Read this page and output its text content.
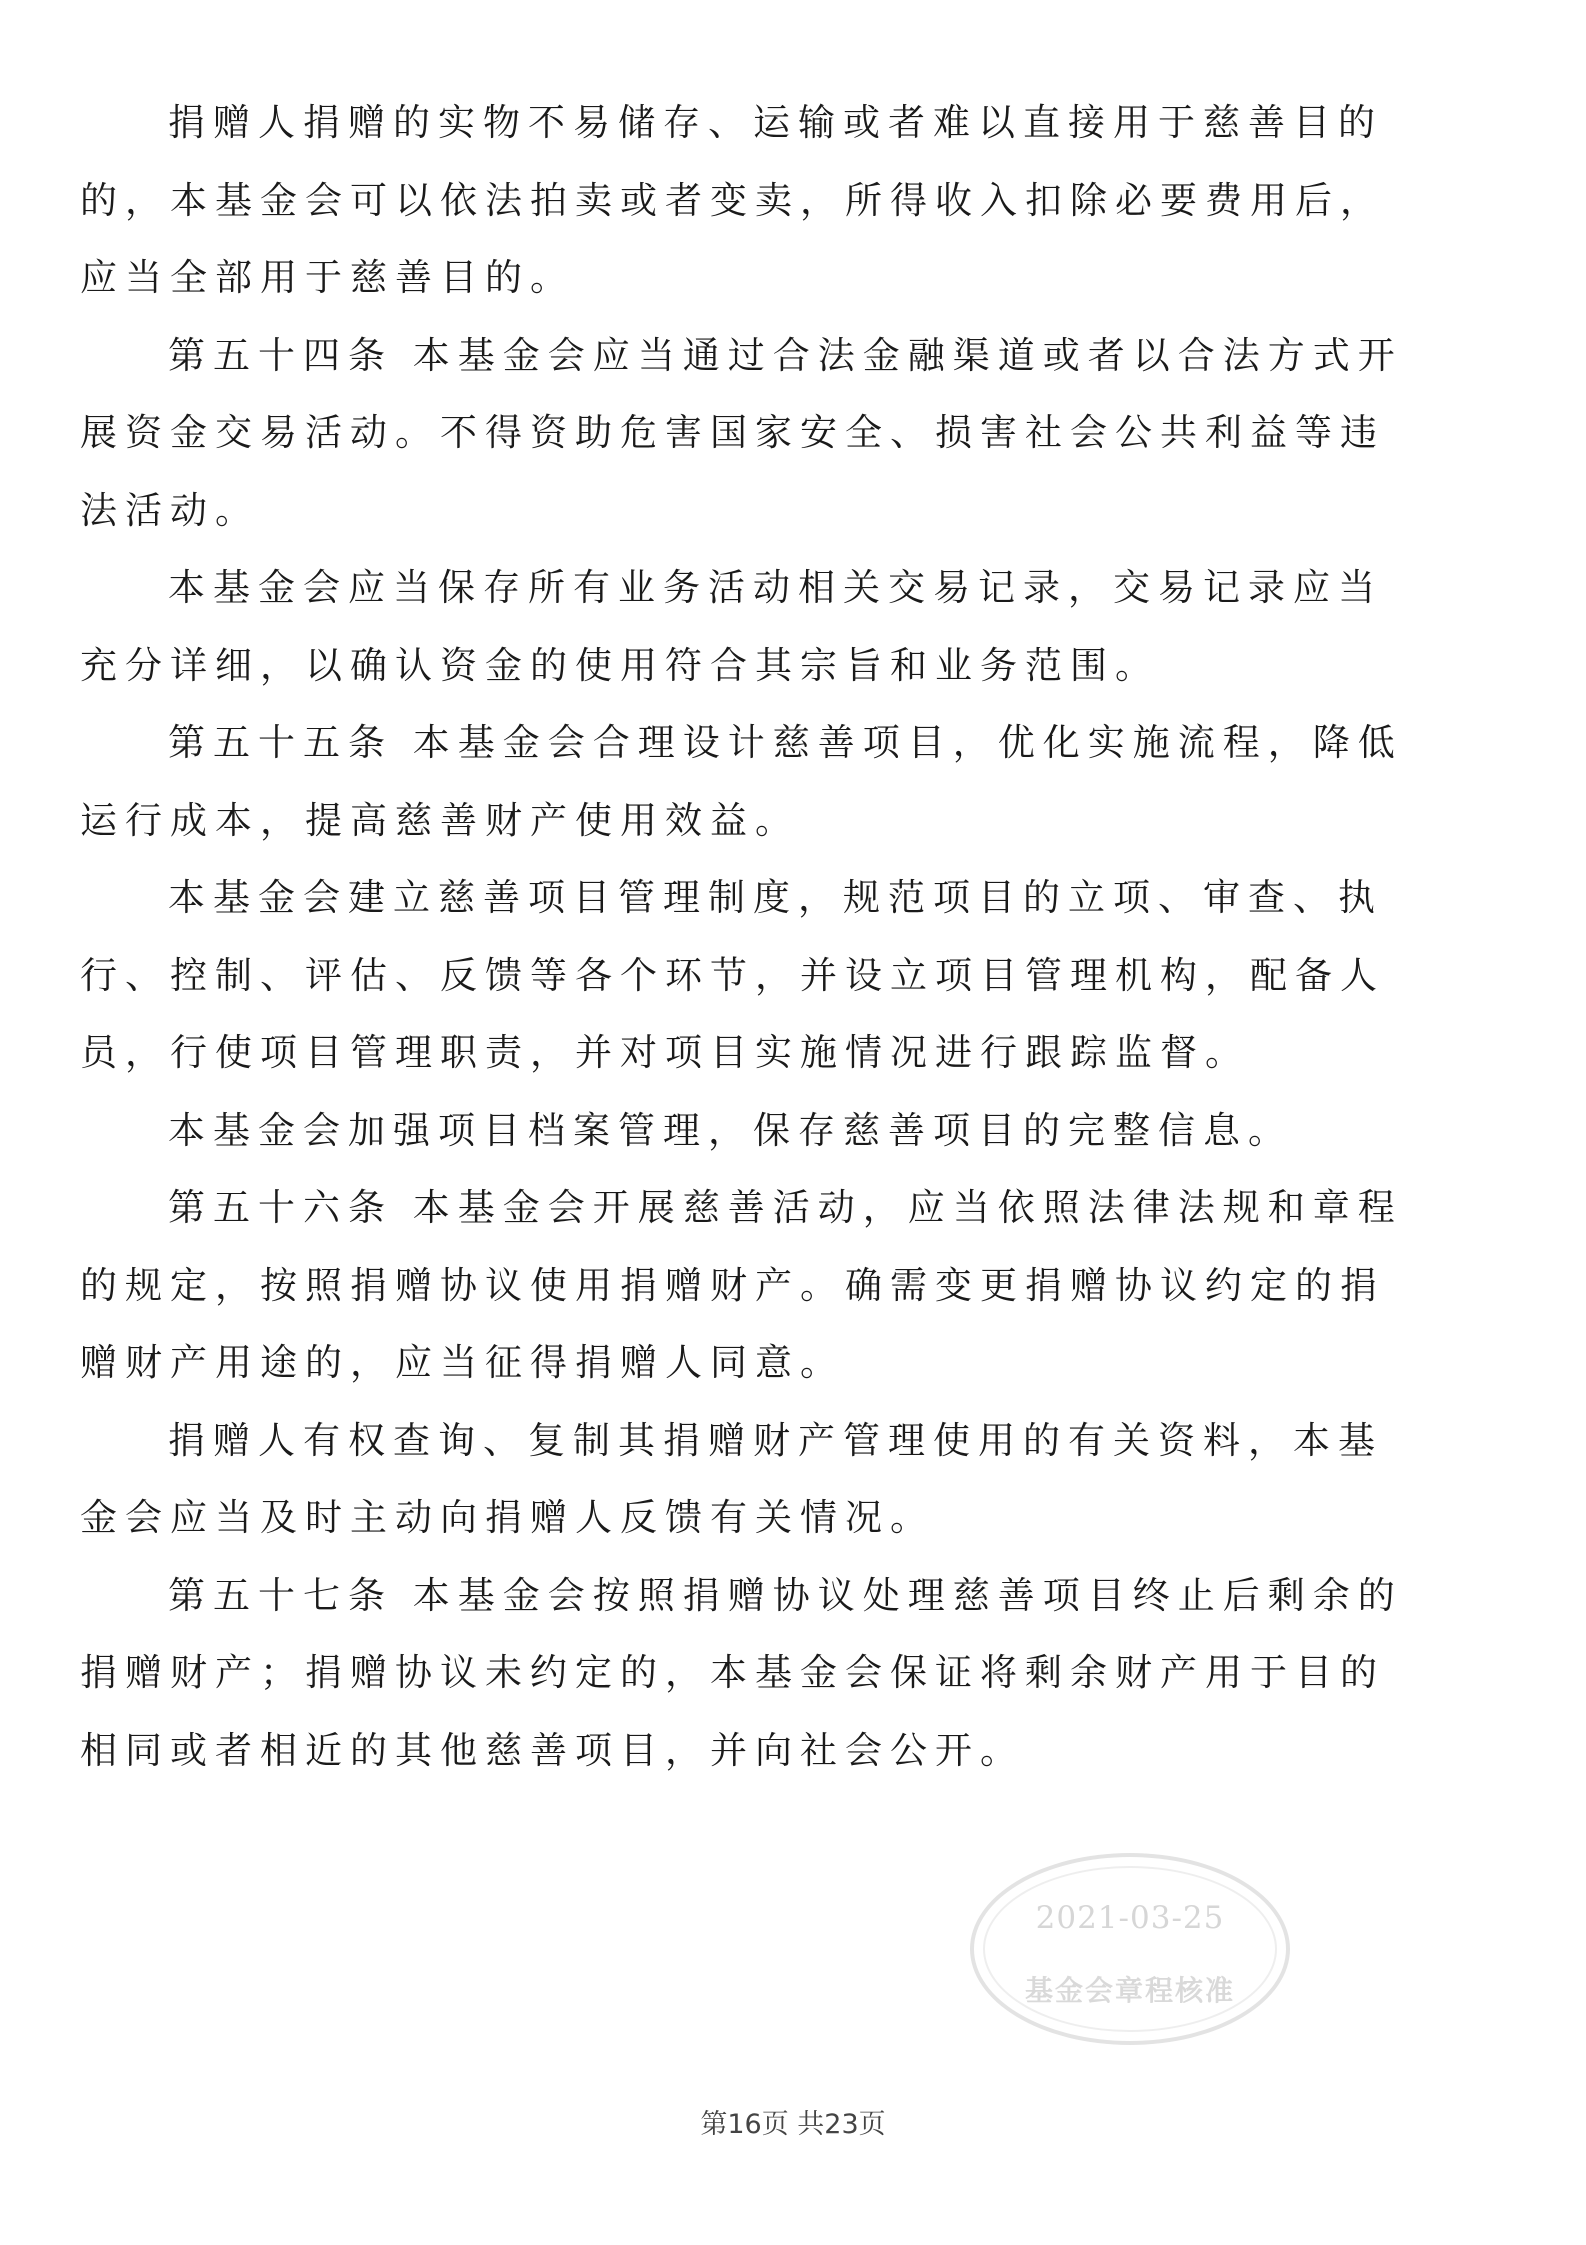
捐赠人捐赠的实物不易储存、运输或者难以直接用于慈善目的
的，本基金会可以依法拍卖或者变卖，所得收入扣除必要费用后，
应当全部用于慈善目的。

第五十四条 本基金会应当通过合法金融渠道或者以合法方式开
展资金交易活动。不得资助危害国家安全、损害社会公共利益等违
法活动。

本基金会应当保存所有业务活动相关交易记录，交易记录应当
充分详细，以确认资金的使用符合其宗旨和业务范围。

第五十五条 本基金会合理设计慈善项目，优化实施流程，降低
运行成本，提高慈善财产使用效益。

本基金会建立慈善项目管理制度，规范项目的立项、审查、执
行、控制、评估、反馈等各个环节，并设立项目管理机构，配备人
员，行使项目管理职责，并对项目实施情况进行跟踪监督。

本基金会加强项目档案管理，保存慈善项目的完整信息。

第五十六条 本基金会开展慈善活动，应当依照法律法规和章程
的规定，按照捐赠协议使用捐赠财产。确需变更捐赠协议约定的捐
赠财产用途的，应当征得捐赠人同意。

捐赠人有权查询、复制其捐赠财产管理使用的有关资料，本基
金会应当及时主动向捐赠人反馈有关情况。

第五十七条 本基金会按照捐赠协议处理慈善项目终止后剩余的
捐赠财产；捐赠协议未约定的，本基金会保证将剩余财产用于目的
相同或者相近的其他慈善项目，并向社会公开。

2021-03-25
基金会章程核准
第16页 共23页
